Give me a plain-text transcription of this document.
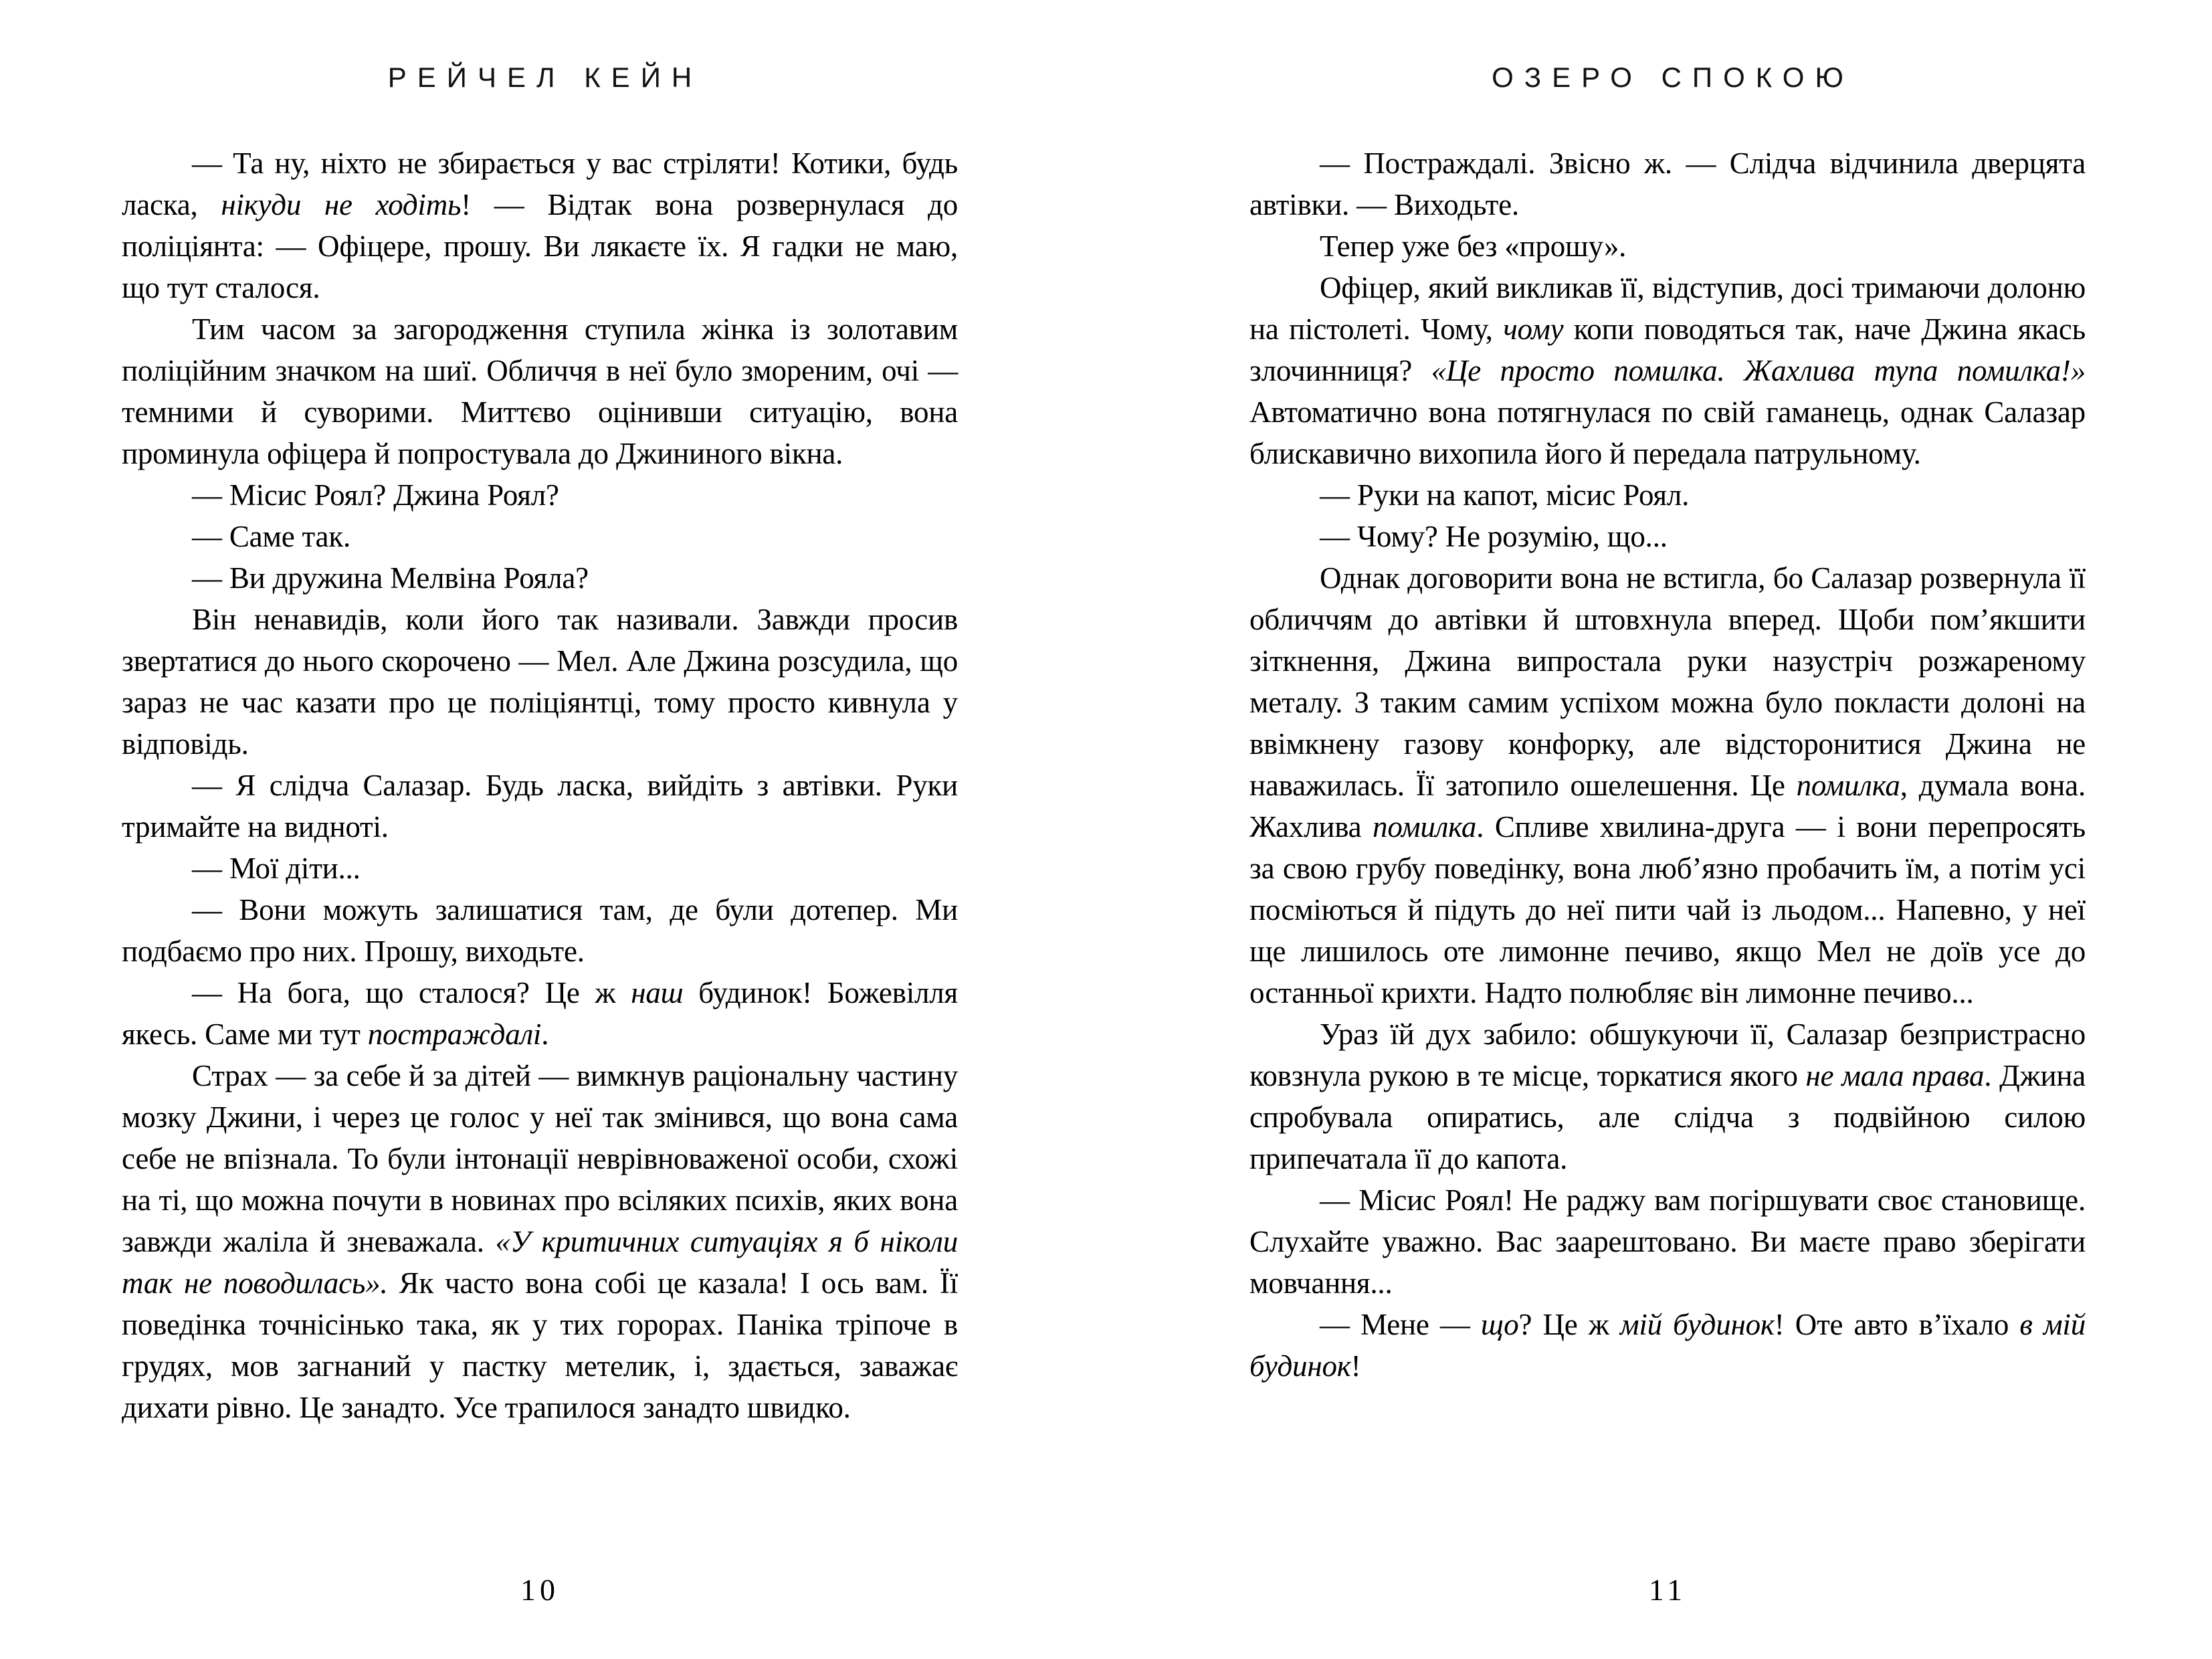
РЕЙЧЕЛ КЕЙН

— Та ну, ніхто не збирається у вас стріляти! Котики, будь ласка, нікуди не ходіть! — Відтак вона розвернулася до поліціянта: — Офіцере, прошу. Ви лякаєте їх. Я гадки не маю, що тут сталося.

Тим часом за загородження ступила жінка із золотавим поліційним значком на шиї. Обличчя в неї було змореним, очі — темними й суворими. Миттєво оцінивши ситуацію, вона проминула офіцера й попростувала до Джининого вікна.

— Місис Роял? Джина Роял?

— Саме так.

— Ви дружина Мелвіна Рояла?

Він ненавидів, коли його так називали. Завжди просив звертатися до нього скорочено — Мел. Але Джина розсудила, що зараз не час казати про це поліціянтці, тому просто кивнула у відповідь.

— Я слідча Салазар. Будь ласка, вийдіть з автівки. Руки тримайте на видноті.

— Мої діти...

— Вони можуть залишатися там, де були дотепер. Ми подбаємо про них. Прошу, виходьте.

— На бога, що сталося? Це ж наш будинок! Божевілля якесь. Саме ми тут постраждалі.

Страх — за себе й за дітей — вимкнув раціональну частину мозку Джини, і через це голос у неї так змінився, що вона сама себе не впізнала. То були інтонації неврівноваженої особи, схожі на ті, що можна почути в новинах про всіляких психів, яких вона завжди жаліла й зневажала. «У критичних ситуаціях я б ніколи так не поводилась». Як часто вона собі це казала! І ось вам. Її поведінка точнісінько така, як у тих горорах. Паніка тріпоче в грудях, мов загнаний у пастку метелик, і, здається, заважає дихати рівно. Це занадто. Усе трапилося занадто швидко.

10
ОЗЕРО СПОКОЮ

— Постраждалі. Звісно ж. — Слідча відчинила дверцята автівки. — Виходьте.

Тепер уже без «прошу».

Офіцер, який викликав її, відступив, досі тримаючи долоню на пістолеті. Чому, чому копи поводяться так, наче Джина якась злочинниця? «Це просто помилка. Жахлива тупа помилка!» Автоматично вона потягнулася по свій гаманець, однак Салазар блискавично вихопила його й передала патрульному.

— Руки на капот, місис Роял.

— Чому? Не розумію, що...

Однак договорити вона не встигла, бо Салазар розвернула її обличчям до автівки й штовхнула вперед. Щоби пом’якшити зіткнення, Джина випростала руки назустріч розжареному металу. З таким самим успіхом можна було покласти долоні на ввімкнену газову конфорку, але відсторонитися Джина не наважилась. Її затопило ошелешення. Це помилка, думала вона. Жахлива помилка. Спливе хвилина-друга — і вони перепросять за свою грубу поведінку, вона люб’язно пробачить їм, а потім усі посміються й підуть до неї пити чай із льодом... Напевно, у неї ще лишилось оте лимонне печиво, якщо Мел не доїв усе до останньої крихти. Надто полюбляє він лимонне печиво...

Ураз їй дух забило: обшукуючи її, Салазар безпристрасно ковзнула рукою в те місце, торкатися якого не мала права. Джина спробувала опиратись, але слідча з подвійною силою припечатала її до капота.

— Місис Роял! Не раджу вам погіршувати своє становище. Слухайте уважно. Вас заарештовано. Ви маєте право зберігати мовчання...

— Мене — що? Це ж мій будинок! Оте авто в’їхало в мій будинок!

11
